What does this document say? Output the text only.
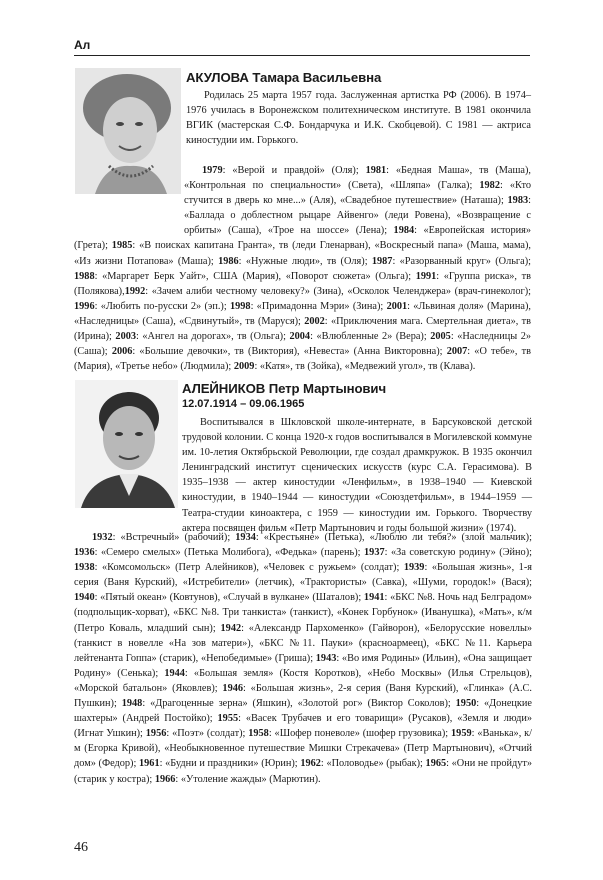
Ал
АКУЛОВА Тамара Васильевна

Родилась 25 марта 1957 года. Заслуженная артистка РФ (2006). В 1974–1976 училась в Воронежском политехническом институте. В 1981 окончила ВГИК (мастерская С.Ф. Бондарчука и И.К. Скобцевой). С 1981 — актриса киностудии им. Горького.

1979: «Верой и правдой» (Оля); 1981: «Бедная Маша», тв (Маша), «Контрольная по специальности» (Света), «Шляпа» (Галка); 1982: «Кто стучится в дверь ко мне...» (Аля), «Свадебное путешествие» (Наташа); 1983: «Баллада о доблестном рыцаре Айвенго» (леди Ровена), «Возвращение с орбиты» (Саша), «Трое на шоссе» (Лена); 1984: «Европейская история» (Грета); 1985: «В поисках капитана Гранта», тв (леди Гленарван), «Воскресный папа» (Маша, мама), «Из жизни Потапова» (Маша); 1986: «Нужные люди», тв (Оля); 1987: «Разорванный круг» (Ольга); 1988: «Маргарет Берк Уайт», США (Мария), «Поворот сюжета» (Ольга); 1991: «Группа риска», тв (Полякова),1992: «Зачем алиби честному человеку?» (Зина), «Осколок Челенджера» (врач-гинеколог); 1996: «Любить по-русски 2» (эп.); 1998: «Примадонна Мэри» (Зина); 2001: «Львиная доля» (Марина), «Наследницы» (Саша), «Сдвинутый», тв (Маруся); 2002: «Приключения мага. Смертельная диета», тв (Ирина); 2003: «Ангел на дорогах», тв (Ольга); 2004: «Влюбленные 2» (Вера); 2005: «Наследницы 2» (Саша); 2006: «Большие девочки», тв (Виктория), «Невеста» (Анна Викторовна); 2007: «О тебе», тв (Мария), «Третье небо» (Людмила); 2009: «Катя», тв (Зойка), «Медвежий угол», тв (Клава).

АЛЕЙНИКОВ Петр Мартынович
12.07.1914 – 09.06.1965

Воспитывался в Шкловской школе-интернате, в Барсуковской детской трудовой колонии. С конца 1920-х годов воспитывался в Могилевской коммуне им. 10-летия Октябрьской Революции, где создал драмкружок. В 1935 окончил Ленинградский институт сценических искусств (курс С.А. Герасимова). В 1935–1938 — актер киностудии «Ленфильм», в 1938–1940 — Киевской киностудии, в 1940–1944 — киностудии «Союздетфильм», в 1944–1959 — Театра-студии киноактера, с 1959 — киностудии им. Горького. Творчеству актера посвящен фильм «Петр Мартынович и годы большой жизни» (1974).

1932: «Встречный» (рабочий); 1934: «Крестьяне» (Петька), «Люблю ли тебя?» (злой мальчик); 1936: «Семеро смелых» (Петька Молибога), «Федька» (парень); 1937: «За советскую родину» (Эйно); 1938: «Комсомольск» (Петр Алейников), «Человек с ружьем» (солдат); 1939: «Большая жизнь», 1-я серия (Ваня Курский), «Истребители» (летчик), «Трактористы» (Савка), «Шуми, городок!» (Вася); 1940: «Пятый океан» (Ковтунов), «Случай в вулкане» (Шаталов); 1941: «БКС №8. Ночь над Белградом» (подпольщик-хорват), «БКС №8. Три танкиста» (танкист), «Конек Горбунок» (Иванушка), «Мать», к/м (Петро Коваль, младший сын); 1942: «Александр Пархоменко» (Гайворон), «Белорусские новеллы» (танкист в новелле «На зов матери»), «БКС №11. Пауки» (красноармеец), «БКС №11. Карьера лейтенанта Гоппа» (старик), «Непобедимые» (Гриша); 1943: «Во имя Родины» (Ильин), «Она защищает Родину» (Сенька); 1944: «Большая земля» (Костя Коротков), «Небо Москвы» (Илья Стрельцов), «Морской батальон» (Яковлев); 1946: «Большая жизнь», 2-я серия (Ваня Курский), «Глинка» (А.С. Пушкин); 1948: «Драгоценные зерна» (Яшкин), «Золотой рог» (Виктор Соколов); 1950: «Донецкие шахтеры» (Андрей Постойко); 1955: «Васек Трубачев и его товарищи» (Русаков), «Земля и люди» (Игнат Ушкин); 1956: «Поэт» (солдат); 1958: «Шофер поневоле» (шофер грузовика); 1959: «Ванька», к/м (Егорка Кривой), «Необыкновенное путешествие Мишки Стрекачева» (Петр Мартынович), «Отчий дом» (Федор); 1961: «Будни и праздники» (Юрин); 1962: «Половодье» (рыбак); 1965: «Они не пройдут» (старик у костра); 1966: «Утоление жажды» (Марютин).

46
